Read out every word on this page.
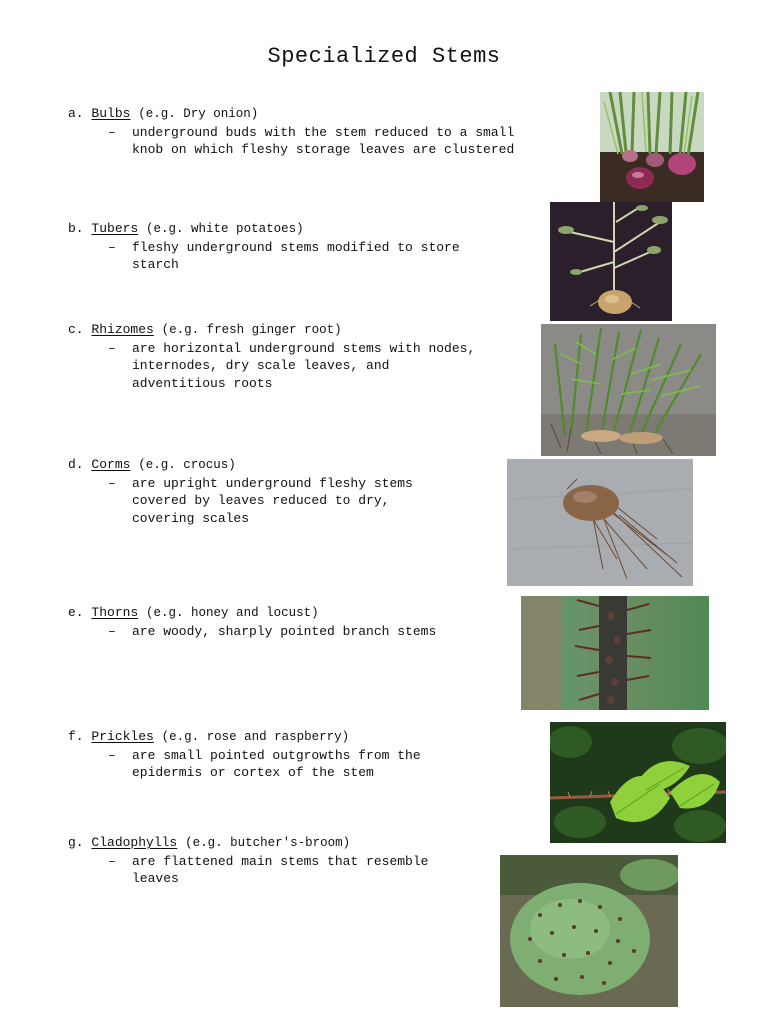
Specialized Stems
a. Bulbs (e.g. Dry onion)
– underground buds with the stem reduced to a small
knob on which fleshy storage leaves are clustered
b. Tubers (e.g. white potatoes)
– fleshy underground stems modified to store
starch
c. Rhizomes (e.g. fresh ginger root)
– are horizontal underground stems with nodes,
internodes, dry scale leaves, and
adventitious roots
d. Corms (e.g. crocus)
– are upright underground fleshy stems
covered by leaves reduced to dry,
covering scales
e. Thorns (e.g. honey and locust)
– are woody, sharply pointed branch stems
f. Prickles (e.g. rose and raspberry)
– are small pointed outgrowths from the
epidermis or cortex of the stem
g. Cladophylls (e.g. butcher's-broom)
– are flattened main stems that resemble
leaves
